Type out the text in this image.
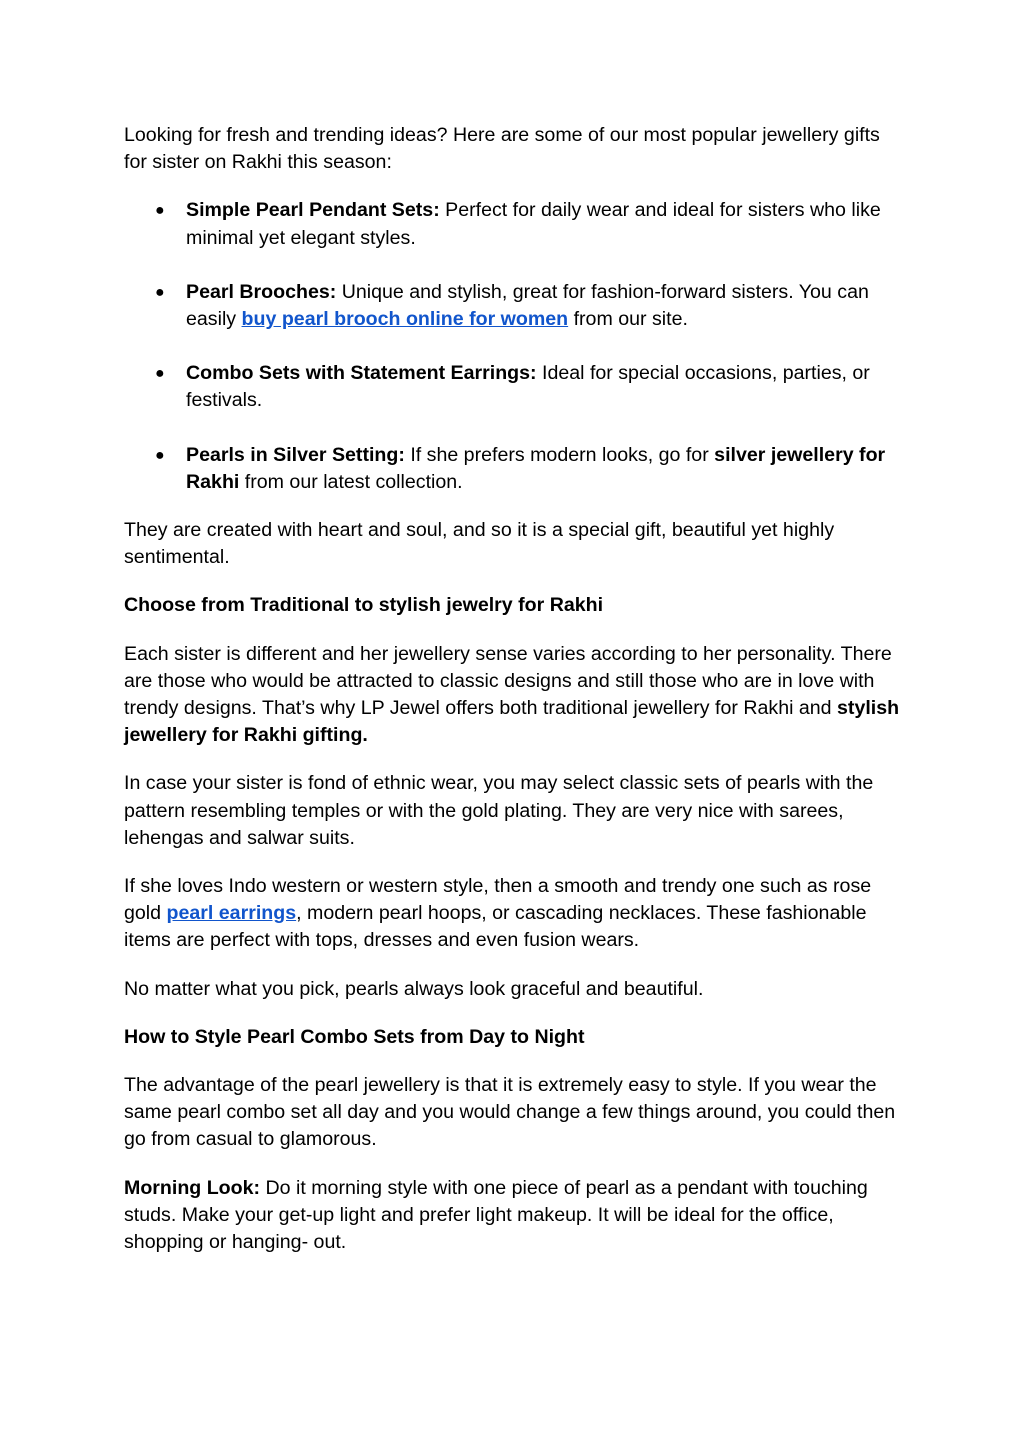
Looking for fresh and trending ideas? Here are some of our most popular jewellery gifts for sister on Rakhi this season:

● Simple Pearl Pendant Sets: Perfect for daily wear and ideal for sisters who like minimal yet elegant styles.
● Pearl Brooches: Unique and stylish, great for fashion-forward sisters. You can easily buy pearl brooch online for women from our site.
● Combo Sets with Statement Earrings: Ideal for special occasions, parties, or festivals.
● Pearls in Silver Setting: If she prefers modern looks, go for silver jewellery for Rakhi from our latest collection.

They are created with heart and soul, and so it is a special gift, beautiful yet highly sentimental.

Choose from Traditional to stylish jewelry for Rakhi

Each sister is different and her jewellery sense varies according to her personality. There are those who would be attracted to classic designs and still those who are in love with trendy designs. That’s why LP Jewel offers both traditional jewellery for Rakhi and stylish jewellery for Rakhi gifting.

In case your sister is fond of ethnic wear, you may select classic sets of pearls with the pattern resembling temples or with the gold plating. They are very nice with sarees, lehengas and salwar suits.

If she loves Indo western or western style, then a smooth and trendy one such as rose gold pearl earrings, modern pearl hoops, or cascading necklaces. These fashionable items are perfect with tops, dresses and even fusion wears.

No matter what you pick, pearls always look graceful and beautiful.

How to Style Pearl Combo Sets from Day to Night

The advantage of the pearl jewellery is that it is extremely easy to style. If you wear the same pearl combo set all day and you would change a few things around, you could then go from casual to glamorous.

Morning Look: Do it morning style with one piece of pearl as a pendant with touching studs. Make your get-up light and prefer light makeup. It will be ideal for the office, shopping or hanging- out.
